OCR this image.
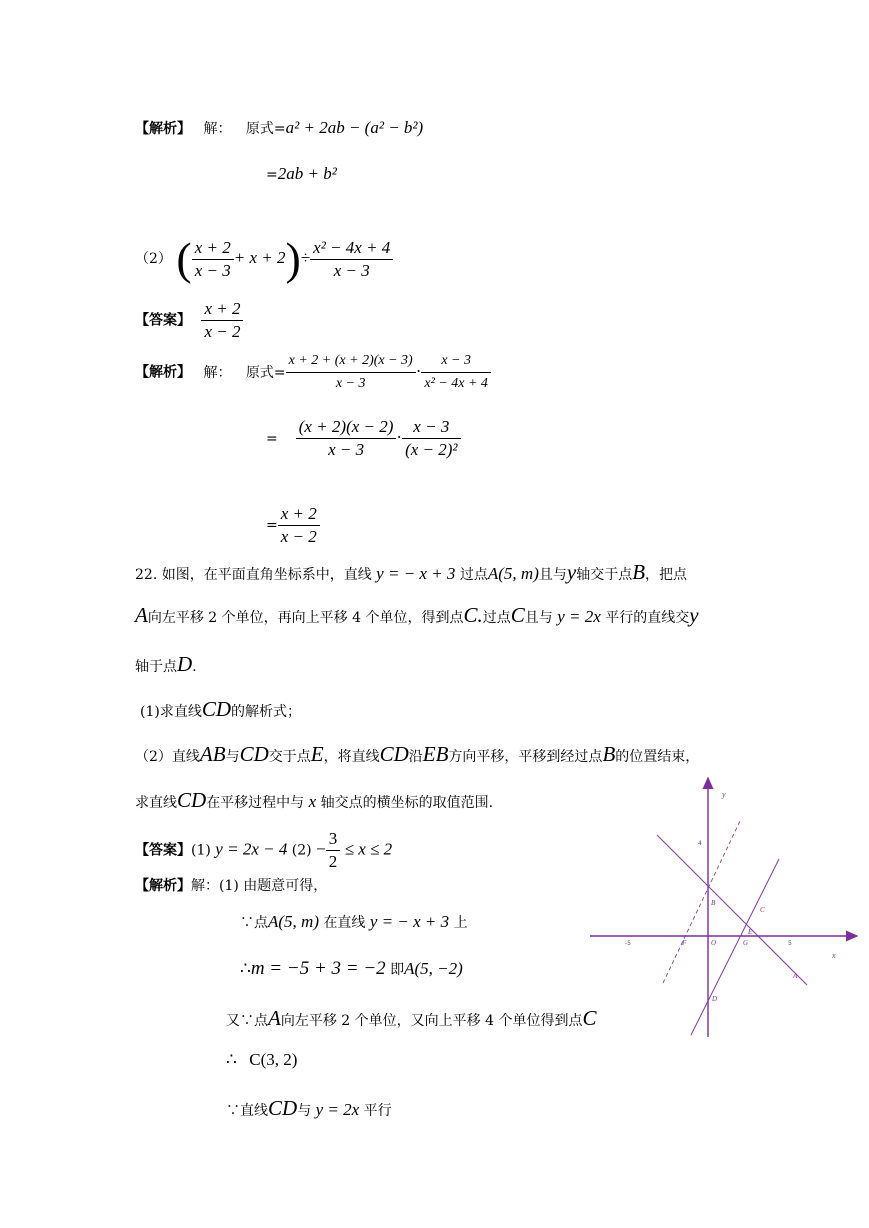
【解析】 解： 原式=a² + 2ab − (a² − b²)
=2ab + b²
（2） ( $\frac{x + 2}{x - 3} + x + 2)\div \frac{\text{x² − 4x + 4}}{x - 3}$
【答案】 $\frac{x + 2}{x - 2}$
【解析】 解： 原式= $\frac{x + 2 + (x + 2)(x - 3)}{x - 3} \cdot \frac{x - 3}{\text{x² − 4x + 4}}$
= $\frac{(x + 2)(x - 2)}{x - 3} \cdot \frac{x - 3}{\text{(x − 2)²}}$
= $\frac{x + 2}{x - 2}$
22. 如图，在平面直角坐标系中，直线 y = − x + 3 过点A(5, m)且与y轴交于点B，把点
A向左平移 2 个单位，再向上平移 4 个单位，得到点C.过点C且与 y = 2x 平行的直线交y
轴于点D.
(1)求直线CD的解析式；
（2）直线AB与CD交于点E，将直线CD沿EB方向平移，平移到经过点B的位置结束，
求直线CD在平移过程中与 x 轴交点的横坐标的取值范围.
【答案】(1) y = 2x − 4 $(2) - \frac{3}{2} \le x \le 2$
【解析】解：(1) 由题意可得，
∵点A(5, m) 在直线 y = − x + 3 上
∴m = −5 + 3 = −2 即A(5, −2)
又∵点A向左平移 2 个单位，又向上平移 4 个单位得到点C
∴ C(3, 2)
∵直线CD与 y = 2x 平行
4
-5	5
y
x
O
B
C
D
E
F	G
A
